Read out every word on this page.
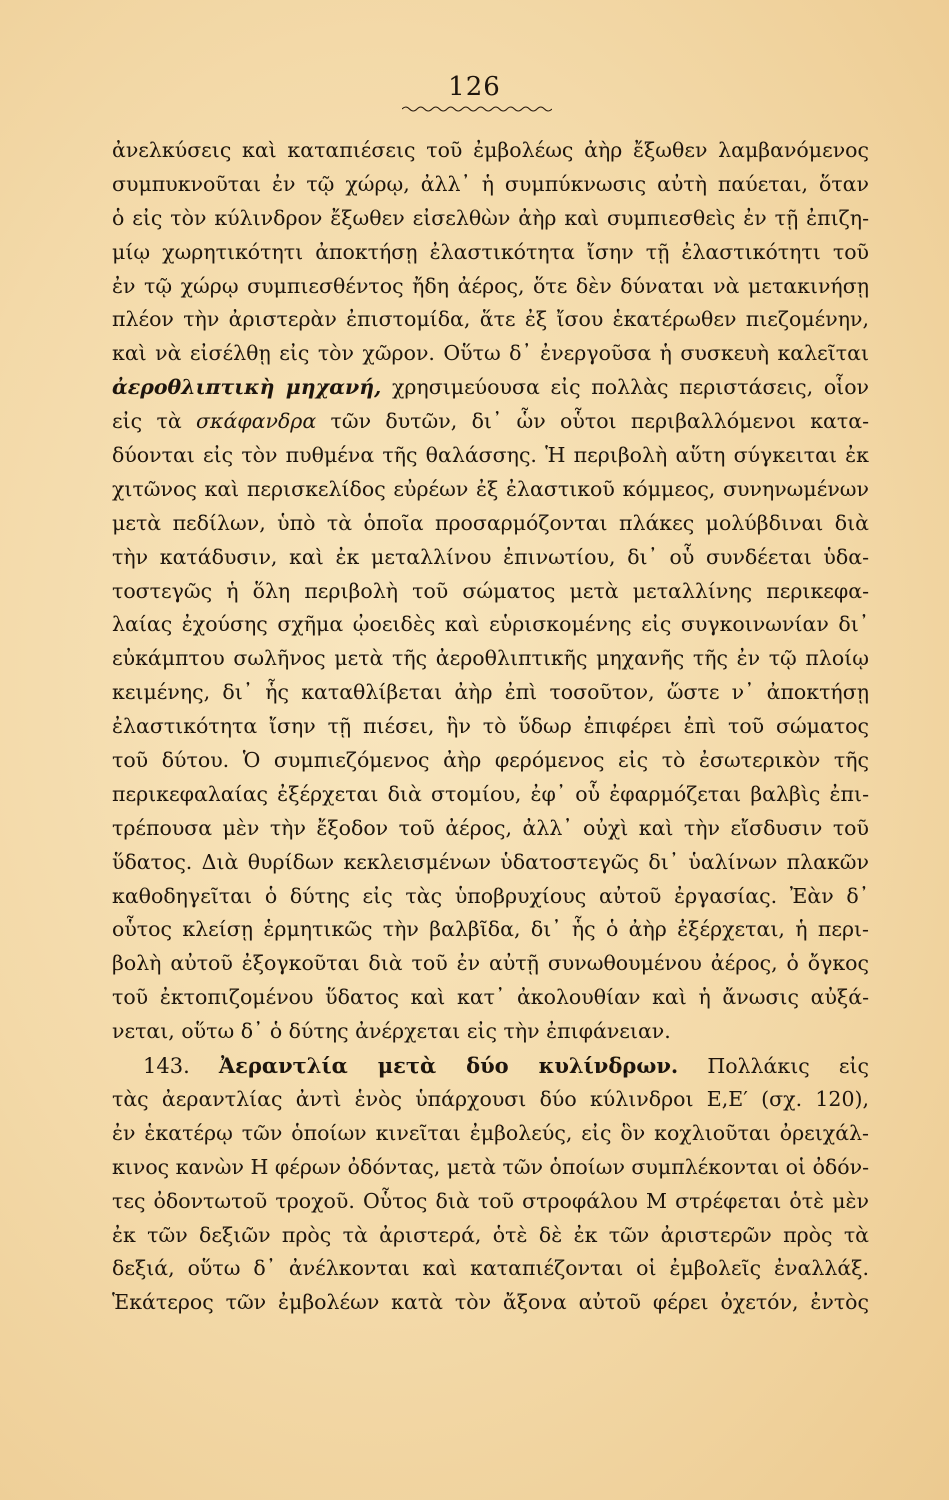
126
ἀνελκύσεις καὶ καταπιέσεις τοῦ ἐμβολέως ἀὴρ ἔξωθεν λαμβανόμενος
συμπυκνοῦται ἐν τῷ χώρῳ, ἀλλ᾿ ἡ συμπύκνωσις αὐτὴ παύεται, ὅταν
ὁ εἰς τὸν κύλινδρον ἔξωθεν εἰσελθὼν ἀὴρ καὶ συμπιεσθεὶς ἐν τῇ ἐπιζη-
μίῳ χωρητικότητι ἀποκτήσῃ ἐλαστικότητα ἴσην τῇ ἐλαστικότητι τοῦ
ἐν τῷ χώρῳ συμπιεσθέντος ἤδη ἀέρος, ὅτε δὲν δύναται νὰ μετακινήσῃ
πλέον τὴν ἀριστερὰν ἐπιστομίδα, ἅτε ἐξ ἴσου ἑκατέρωθεν πιεζομένην,
καὶ νὰ εἰσέλθῃ εἰς τὸν χῶρον. Οὕτω δ᾿ ἐνεργοῦσα ἡ συσκευὴ καλεῖται
ἀεροθλιπτικὴ μηχανή, χρησιμεύουσα εἰς πολλὰς περιστάσεις, οἷον
εἰς τὰ σκάφανδρα τῶν δυτῶν, δι᾿ ὧν οὗτοι περιβαλλόμενοι κατα-
δύονται εἰς τὸν πυθμένα τῆς θαλάσσης. Ἡ περιβολὴ αὕτη σύγκειται ἐκ
χιτῶνος καὶ περισκελίδος εὐρέων ἐξ ἐλαστικοῦ κόμμεος, συνηνωμένων
μετὰ πεδίλων, ὑπὸ τὰ ὁποῖα προσαρμόζονται πλάκες μολύβδιναι διὰ
τὴν κατάδυσιν, καὶ ἐκ μεταλλίνου ἐπινωτίου, δι᾿ οὗ συνδέεται ὑδα-
τοστεγῶς ἡ ὅλη περιβολὴ τοῦ σώματος μετὰ μεταλλίνης περικεφα-
λαίας ἐχούσης σχῆμα ᾠοειδὲς καὶ εὑρισκομένης εἰς συγκοινωνίαν δι᾿
εὐκάμπτου σωλῆνος μετὰ τῆς ἀεροθλιπτικῆς μηχανῆς τῆς ἐν τῷ πλοίῳ
κειμένης, δι᾿ ἧς καταθλίβεται ἀὴρ ἐπὶ τοσοῦτον, ὥστε ν᾿ ἀποκτήσῃ
ἐλαστικότητα ἴσην τῇ πιέσει, ἣν τὸ ὕδωρ ἐπιφέρει ἐπὶ τοῦ σώματος
τοῦ δύτου. Ὁ συμπιεζόμενος ἀὴρ φερόμενος εἰς τὸ ἐσωτερικὸν τῆς
περικεφαλαίας ἐξέρχεται διὰ στομίου, ἐφ᾿ οὗ ἐφαρμόζεται βαλβὶς ἐπι-
τρέπουσα μὲν τὴν ἔξοδον τοῦ ἀέρος, ἀλλ᾿ οὐχὶ καὶ τὴν εἴσδυσιν τοῦ
ὕδατος. Διὰ θυρίδων κεκλεισμένων ὑδατοστεγῶς δι᾿ ὑαλίνων πλακῶν
καθοδηγεῖται ὁ δύτης εἰς τὰς ὑποβρυχίους αὐτοῦ ἐργασίας. Ἐὰν δ᾿
οὗτος κλείσῃ ἑρμητικῶς τὴν βαλβῖδα, δι᾿ ἧς ὁ ἀὴρ ἐξέρχεται, ἡ περι-
βολὴ αὐτοῦ ἐξογκοῦται διὰ τοῦ ἐν αὐτῇ συνωθουμένου ἀέρος, ὁ ὄγκος
τοῦ ἐκτοπιζομένου ὕδατος καὶ κατ᾿ ἀκολουθίαν καὶ ἡ ἄνωσις αὐξά-
νεται, οὕτω δ᾿ ὁ δύτης ἀνέρχεται εἰς τὴν ἐπιφάνειαν.
143. Ἀεραντλία μετὰ δύο κυλίνδρων. Πολλάκις εἰς
τὰς ἀεραντλίας ἀντὶ ἑνὸς ὑπάρχουσι δύο κύλινδροι Ε,Ε′ (σχ. 120),
ἐν ἑκατέρῳ τῶν ὁποίων κινεῖται ἐμβολεύς, εἰς ὃν κοχλιοῦται ὀρειχάλ-
κινος κανὼν Η φέρων ὀδόντας, μετὰ τῶν ὁποίων συμπλέκονται οἱ ὀδόν-
τες ὀδοντωτοῦ τροχοῦ. Οὗτος διὰ τοῦ στροφάλου Μ στρέφεται ὁτὲ μὲν
ἐκ τῶν δεξιῶν πρὸς τὰ ἀριστερά, ὁτὲ δὲ ἐκ τῶν ἀριστερῶν πρὸς τὰ
δεξιά, οὕτω δ᾿ ἀνέλκονται καὶ καταπιέζονται οἱ ἐμβολεῖς ἐναλλάξ.
Ἑκάτερος τῶν ἐμβολέων κατὰ τὸν ἄξονα αὐτοῦ φέρει ὀχετόν, ἐντὸς
